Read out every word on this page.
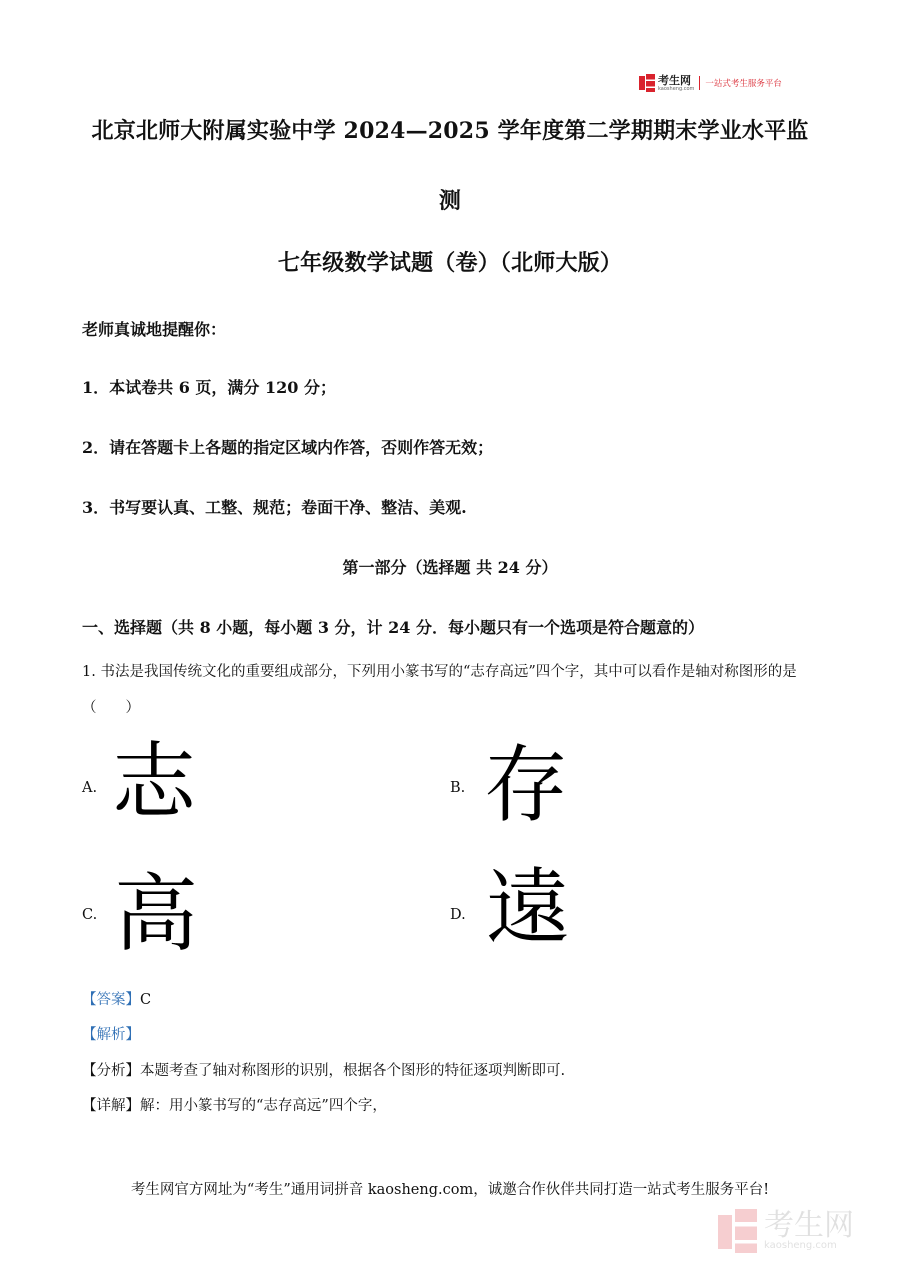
考生网
kaosheng.com 一站式考生服务平台
北京北师大附属实验中学 2024—2025 学年度第二学期期末学业水平监
测
七年级数学试题（卷）（北师大版）
老师真诚地提醒你：
1．本试卷共 6 页，满分 120 分；
2．请在答题卡上各题的指定区域内作答，否则作答无效；
3．书写要认真、工整、规范；卷面干净、整洁、美观.
第一部分（选择题 共 24 分）
一、选择题（共 8 小题，每小题 3 分，计 24 分．每小题只有一个选项是符合题意的）
1. 书法是我国传统文化的重要组成部分，下列用小篆书写的“志存高远”四个字，其中可以看作是轴对称图形的是（　　）
A. 志	B. 存
C. 高	D. 遠
【答案】C
【解析】
【分析】本题考查了轴对称图形的识别，根据各个图形的特征逐项判断即可.
【详解】解：用小篆书写的“志存高远”四个字，
考生网官方网址为“考生”通用词拼音 kaosheng.com，诚邀合作伙伴共同打造一站式考生服务平台!
考生网
kaosheng.com
